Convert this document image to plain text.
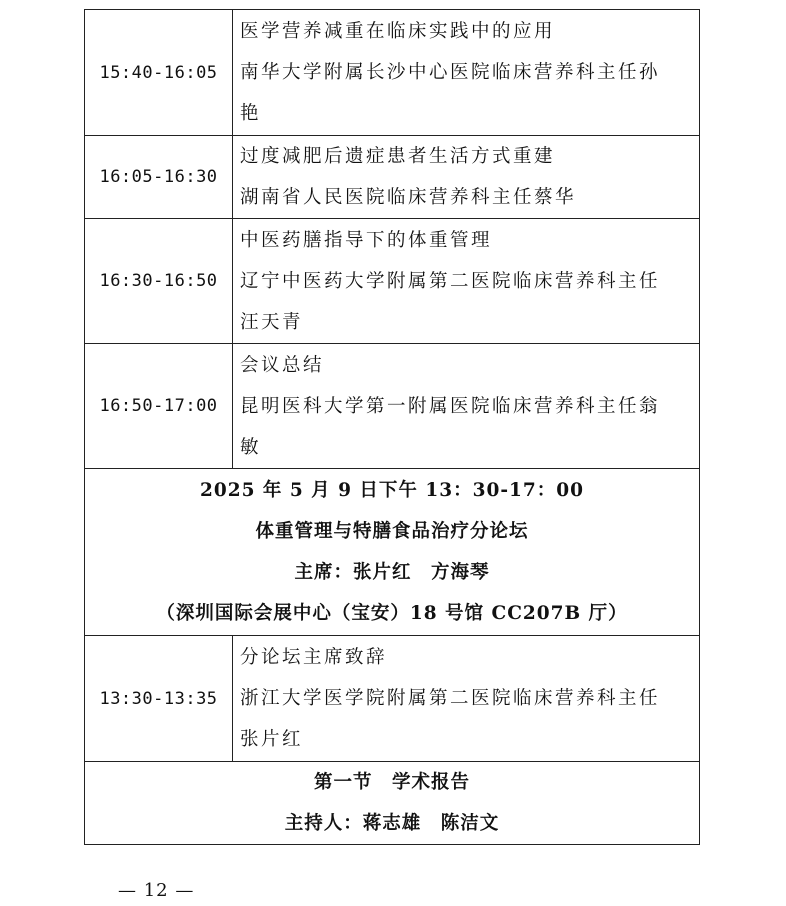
15:40-16:05	医学营养减重在临床实践中的应用
南华大学附属长沙中心医院临床营养科主任孙
艳

16:05-16:30	过度减肥后遗症患者生活方式重建
湖南省人民医院临床营养科主任蔡华

16:30-16:50	中医药膳指导下的体重管理
辽宁中医药大学附属第二医院临床营养科主任
汪天青

16:50-17:00	会议总结
昆明医科大学第一附属医院临床营养科主任翁
敏

2025 年 5 月 9 日下午 13：30-17：00
体重管理与特膳食品治疗分论坛
主席：张片红　方海琴
（深圳国际会展中心（宝安）18 号馆 CC207B 厅）	

13:30-13:35	分论坛主席致辞
浙江大学医学院附属第二医院临床营养科主任
张片红

第一节　学术报告
主持人：蒋志雄　陈洁文	
— 12 —
